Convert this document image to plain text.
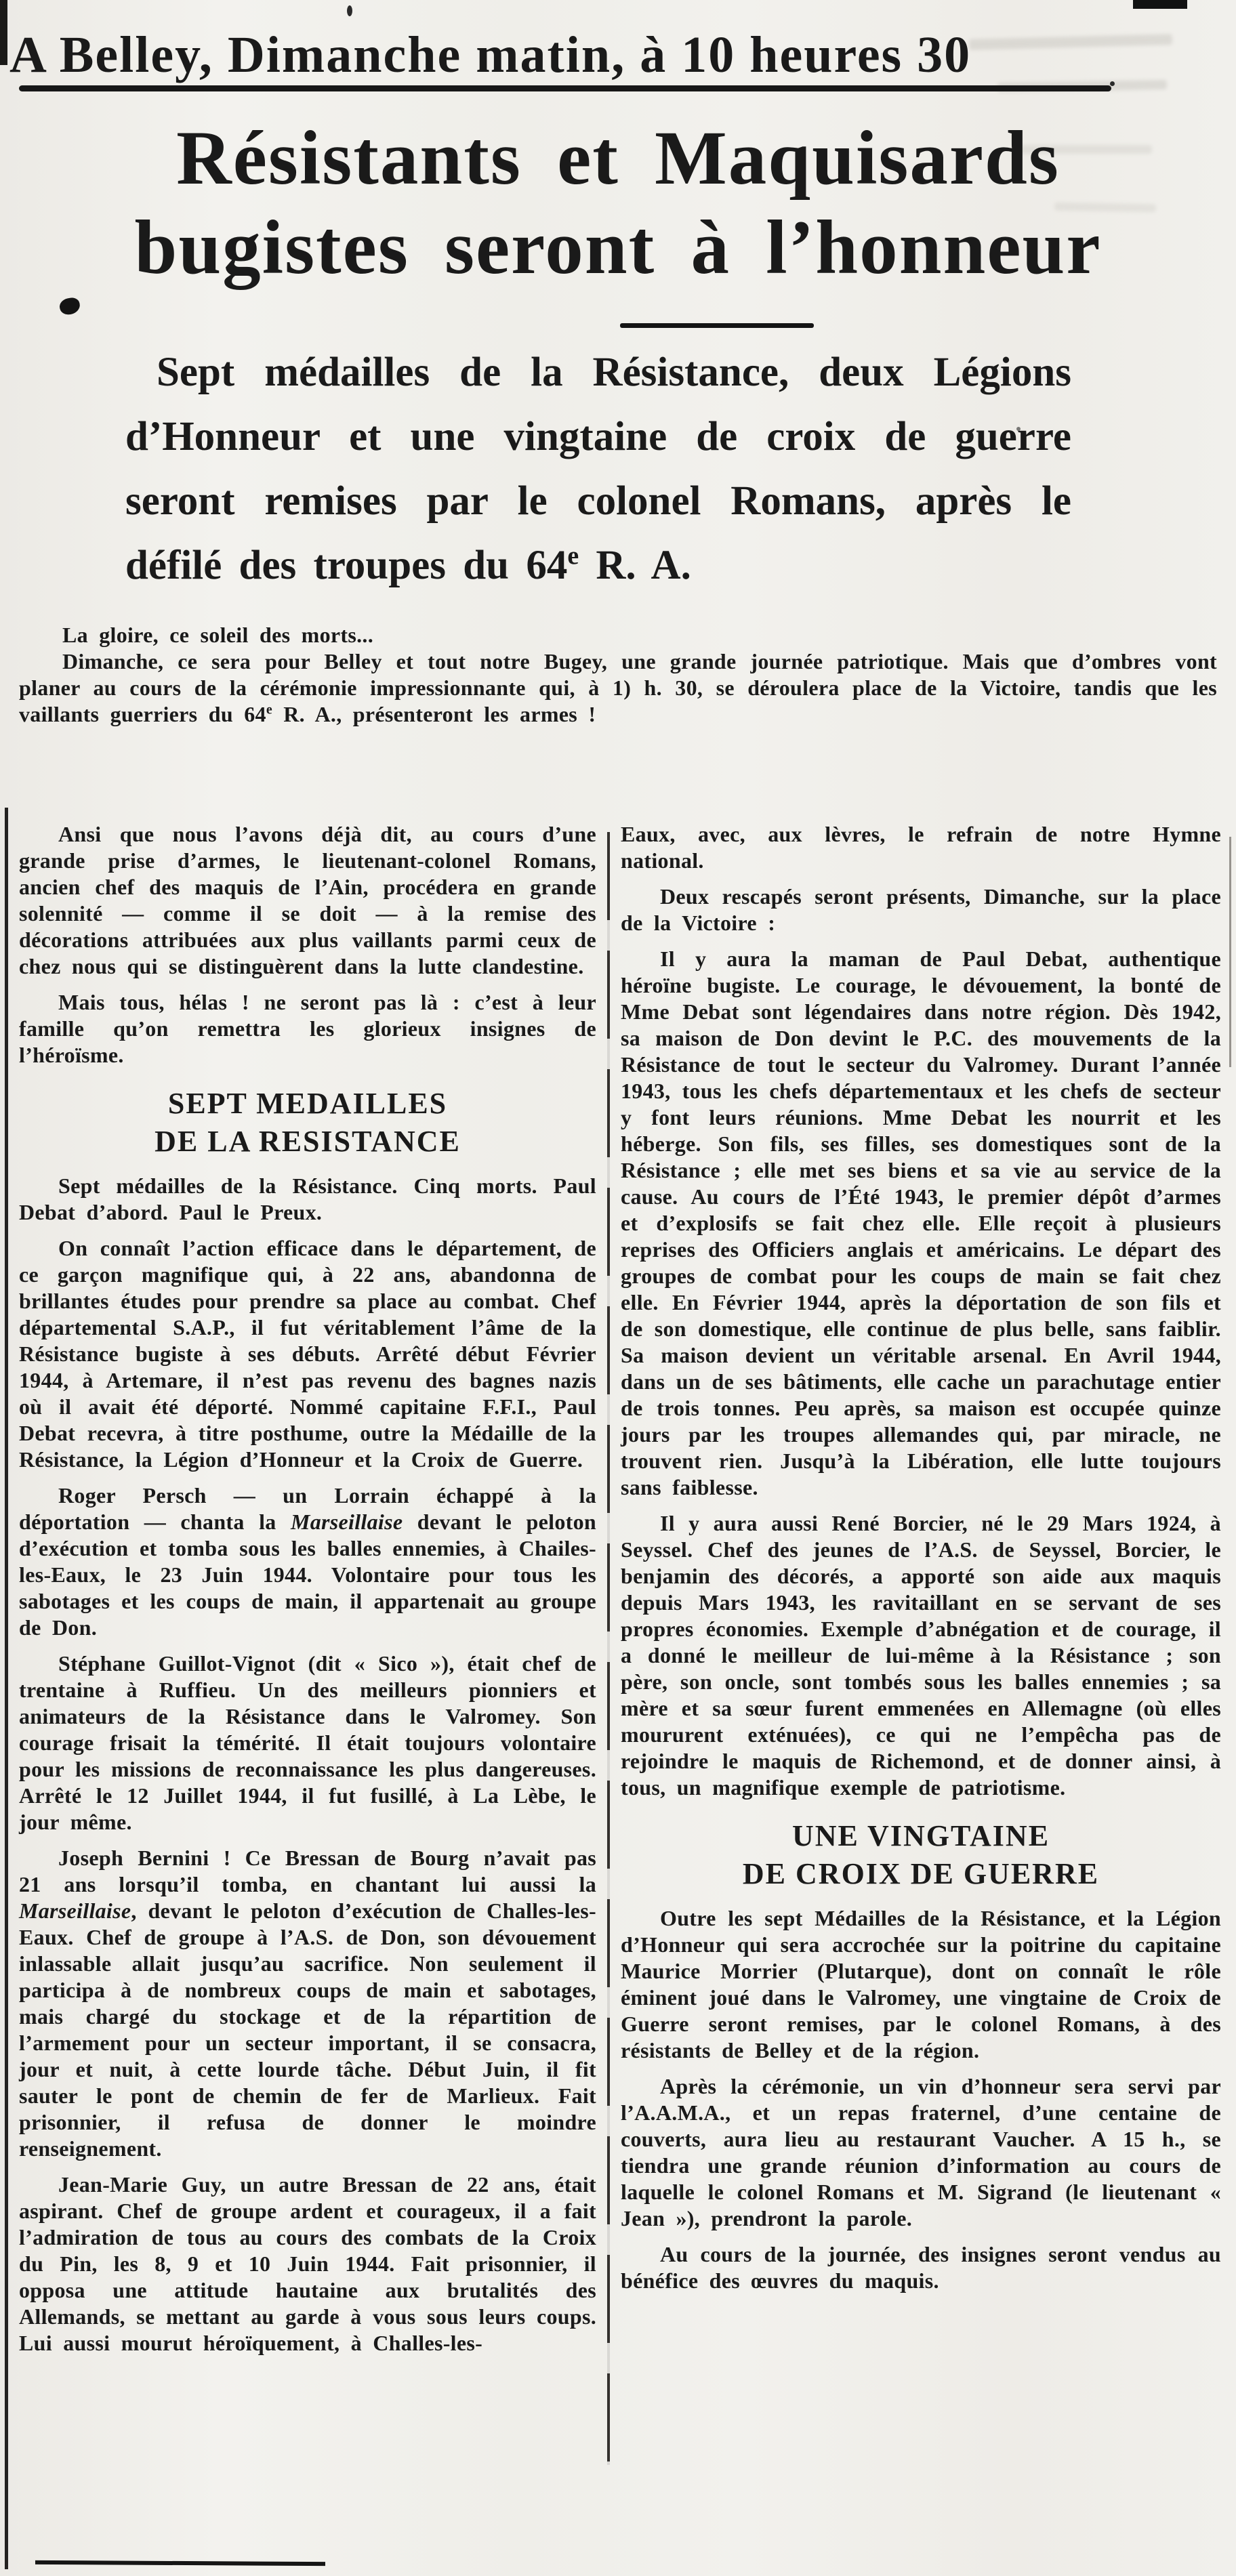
A Belley, Dimanche matin, à 10 heures 30
Résistants et Maquisards
bugistes seront à l’honneur

Sept médailles de la Résistance, deux Légions d’Honneur et une vingtaine de croix de guerre seront remises par le colonel Romans, après le défilé des troupes du 64e R. A.

La gloire, ce soleil des morts...

Dimanche, ce sera pour Belley et tout notre Bugey, une grande journée patriotique. Mais que d’ombres vont planer au cours de la cérémonie impressionnante qui, à 1) h. 30, se déroulera place de la Victoire, tandis que les vaillants guerriers du 64e R. A., présenteront les armes !

Ansi que nous l’avons déjà dit, au cours d’une grande prise d’armes, le lieutenant-colonel Romans, ancien chef des maquis de l’Ain, procédera en grande solennité — comme il se doit — à la remise des décorations attribuées aux plus vaillants parmi ceux de chez nous qui se distinguèrent dans la lutte clandestine.

Mais tous, hélas ! ne seront pas là : c’est à leur famille qu’on remettra les glorieux insignes de l’héroïsme.

SEPT MEDAILLES
DE LA RESISTANCE

Sept médailles de la Résistance. Cinq morts. Paul Debat d’abord. Paul le Preux.

On connaît l’action efficace dans le département, de ce garçon magnifique qui, à 22 ans, abandonna de brillantes études pour prendre sa place au combat. Chef départemental S.A.P., il fut véritablement l’âme de la Résistance bugiste à ses débuts. Arrêté début Février 1944, à Artemare, il n’est pas revenu des bagnes nazis où il avait été déporté. Nommé capitaine F.F.I., Paul Debat recevra, à titre posthume, outre la Médaille de la Résistance, la Légion d’Honneur et la Croix de Guerre.

Roger Persch — un Lorrain échappé à la déportation — chanta la Marseillaise devant le peloton d’exécution et tomba sous les balles ennemies, à Chailes-les-Eaux, le 23 Juin 1944. Volontaire pour tous les sabotages et les coups de main, il appartenait au groupe de Don.

Stéphane Guillot-Vignot (dit « Sico »), était chef de trentaine à Ruffieu. Un des meilleurs pionniers et animateurs de la Résistance dans le Valromey. Son courage frisait la témérité. Il était toujours volontaire pour les missions de reconnaissance les plus dangereuses. Arrêté le 12 Juillet 1944, il fut fusillé, à La Lèbe, le jour même.

Joseph Bernini ! Ce Bressan de Bourg n’avait pas 21 ans lorsqu’il tomba, en chantant lui aussi la Marseillaise, devant le peloton d’exécution de Challes-les-Eaux. Chef de groupe à l’A.S. de Don, son dévouement inlassable allait jusqu’au sacrifice. Non seulement il participa à de nombreux coups de main et sabotages, mais chargé du stockage et de la répartition de l’armement pour un secteur important, il se consacra, jour et nuit, à cette lourde tâche. Début Juin, il fit sauter le pont de chemin de fer de Marlieux. Fait prisonnier, il refusa de donner le moindre renseignement.

Jean-Marie Guy, un autre Bressan de 22 ans, était aspirant. Chef de groupe ardent et courageux, il a fait l’admiration de tous au cours des combats de la Croix du Pin, les 8, 9 et 10 Juin 1944. Fait prisonnier, il opposa une attitude hautaine aux brutalités des Allemands, se mettant au garde à vous sous leurs coups. Lui aussi mourut héroïquement, à Challes-les-

Eaux, avec, aux lèvres, le refrain de notre Hymne national.

Deux rescapés seront présents, Dimanche, sur la place de la Victoire :

Il y aura la maman de Paul Debat, authentique héroïne bugiste. Le courage, le dévouement, la bonté de Mme Debat sont légendaires dans notre région. Dès 1942, sa maison de Don devint le P.C. des mouvements de la Résistance de tout le secteur du Valromey. Durant l’année 1943, tous les chefs départementaux et les chefs de secteur y font leurs réunions. Mme Debat les nourrit et les héberge. Son fils, ses filles, ses domestiques sont de la Résistance ; elle met ses biens et sa vie au service de la cause. Au cours de l’Été 1943, le premier dépôt d’armes et d’explosifs se fait chez elle. Elle reçoit à plusieurs reprises des Officiers anglais et américains. Le départ des groupes de combat pour les coups de main se fait chez elle. En Février 1944, après la déportation de son fils et de son domestique, elle continue de plus belle, sans faiblir. Sa maison devient un véritable arsenal. En Avril 1944, dans un de ses bâtiments, elle cache un parachutage entier de trois tonnes. Peu après, sa maison est occupée quinze jours par les troupes allemandes qui, par miracle, ne trouvent rien. Jusqu’à la Libération, elle lutte toujours sans faiblesse.

Il y aura aussi René Borcier, né le 29 Mars 1924, à Seyssel. Chef des jeunes de l’A.S. de Seyssel, Borcier, le benjamin des décorés, a apporté son aide aux maquis depuis Mars 1943, les ravitaillant en se servant de ses propres économies. Exemple d’abnégation et de courage, il a donné le meilleur de lui-même à la Résistance ; son père, son oncle, sont tombés sous les balles ennemies ; sa mère et sa sœur furent emmenées en Allemagne (où elles moururent exténuées), ce qui ne l’empêcha pas de rejoindre le maquis de Richemond, et de donner ainsi, à tous, un magnifique exemple de patriotisme.

UNE VINGTAINE
DE CROIX DE GUERRE

Outre les sept Médailles de la Résistance, et la Légion d’Honneur qui sera accrochée sur la poitrine du capitaine Maurice Morrier (Plutarque), dont on connaît le rôle éminent joué dans le Valromey, une vingtaine de Croix de Guerre seront remises, par le colonel Romans, à des résistants de Belley et de la région.

Après la cérémonie, un vin d’honneur sera servi par l’A.A.M.A., et un repas fraternel, d’une centaine de couverts, aura lieu au restaurant Vaucher. A 15 h., se tiendra une grande réunion d’information au cours de laquelle le colonel Romans et M. Sigrand (le lieutenant « Jean »), prendront la parole.

Au cours de la journée, des insignes seront vendus au bénéfice des œuvres du maquis.
